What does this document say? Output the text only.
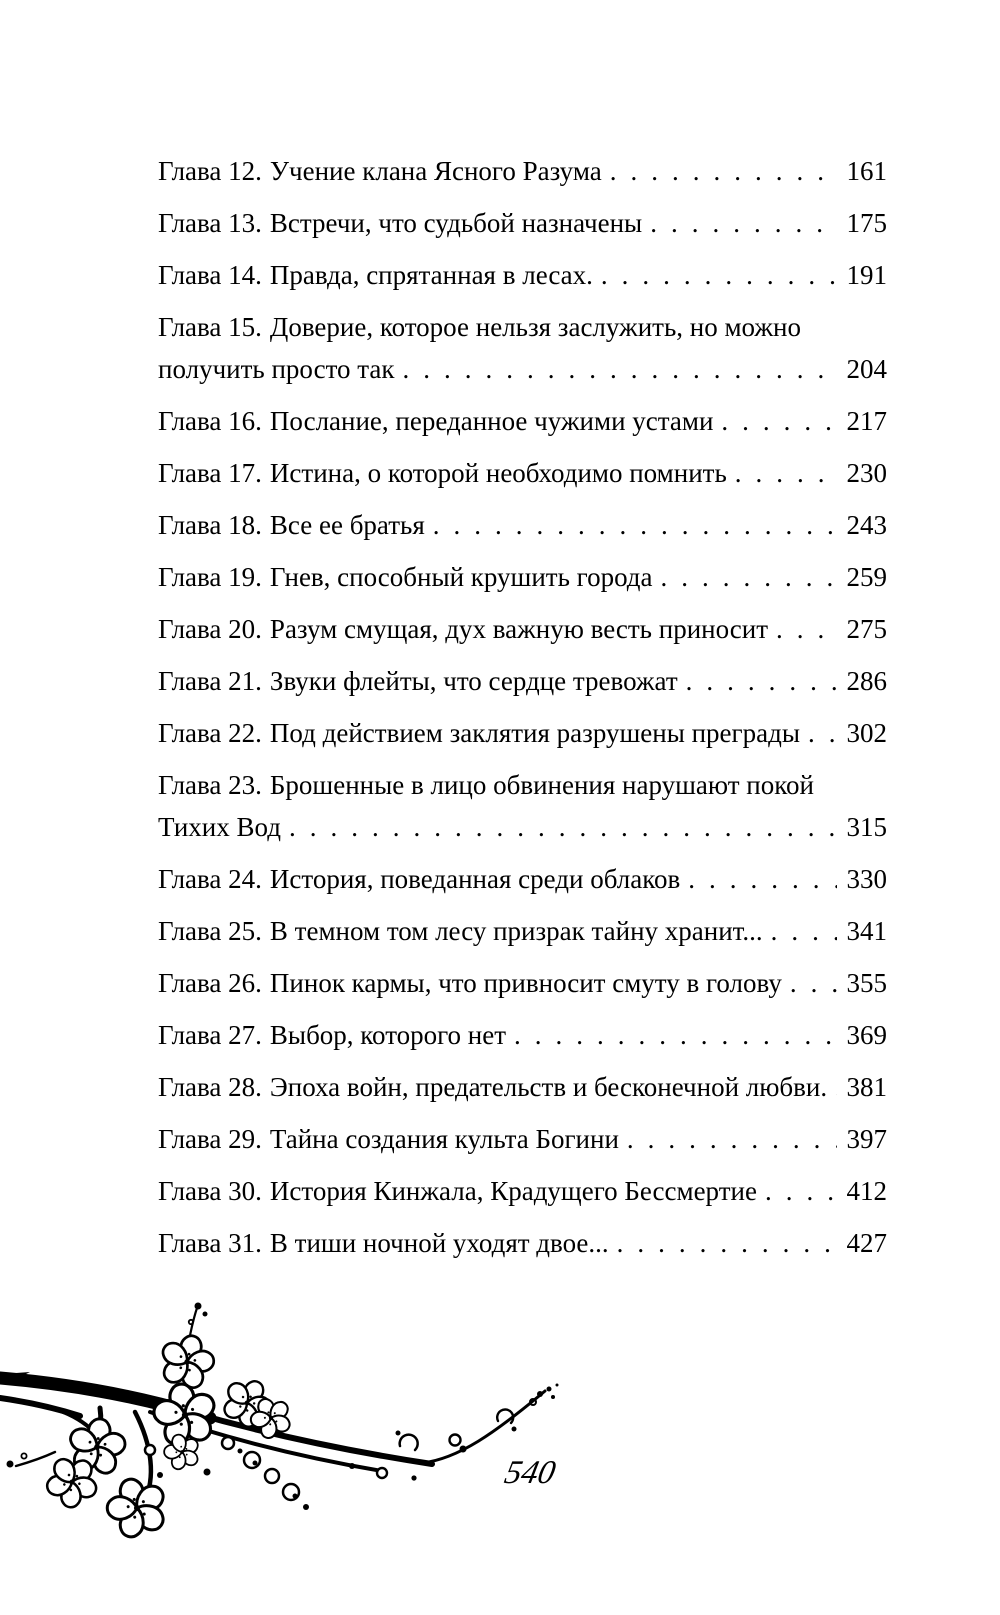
Глава 12. Учение клана Ясного Разума .....	161
Глава 13. Встречи, что судьбой назначены .....	175
Глава 14. Правда, спрятанная в лесах. .....	191
Глава 15. Доверие, которое нельзя заслужить, но можно
получить просто так .....	204
Глава 16. Послание, переданное чужими устами .....	217
Глава 17. Истина, о которой необходимо помнить .....	230
Глава 18. Все ее братья .....	243
Глава 19. Гнев, способный крушить города .....	259
Глава 20. Разум смущая, дух важную весть приносит .....	275
Глава 21. Звуки флейты, что сердце тревожат .....	286
Глава 22. Под действием заклятия разрушены преграды ..... 302
Глава 23. Брошенные в лицо обвинения нарушают покой
Тихих Вод .....	315
Глава 24. История, поведанная среди облаков .....	330
Глава 25. В темном том лесу призрак тайну хранит... .....	341
Глава 26. Пинок кармы, что привносит смуту в голову ..... 355
Глава 27. Выбор, которого нет .....	369
Глава 28. Эпоха войн, предательств и бесконечной любви. ..... 381
Глава 29. Тайна создания культа Богини .....	397
Глава 30. История Кинжала, Крадущего Бессмертие .....	412
Глава 31. В тиши ночной уходят двое... .....	427
540
